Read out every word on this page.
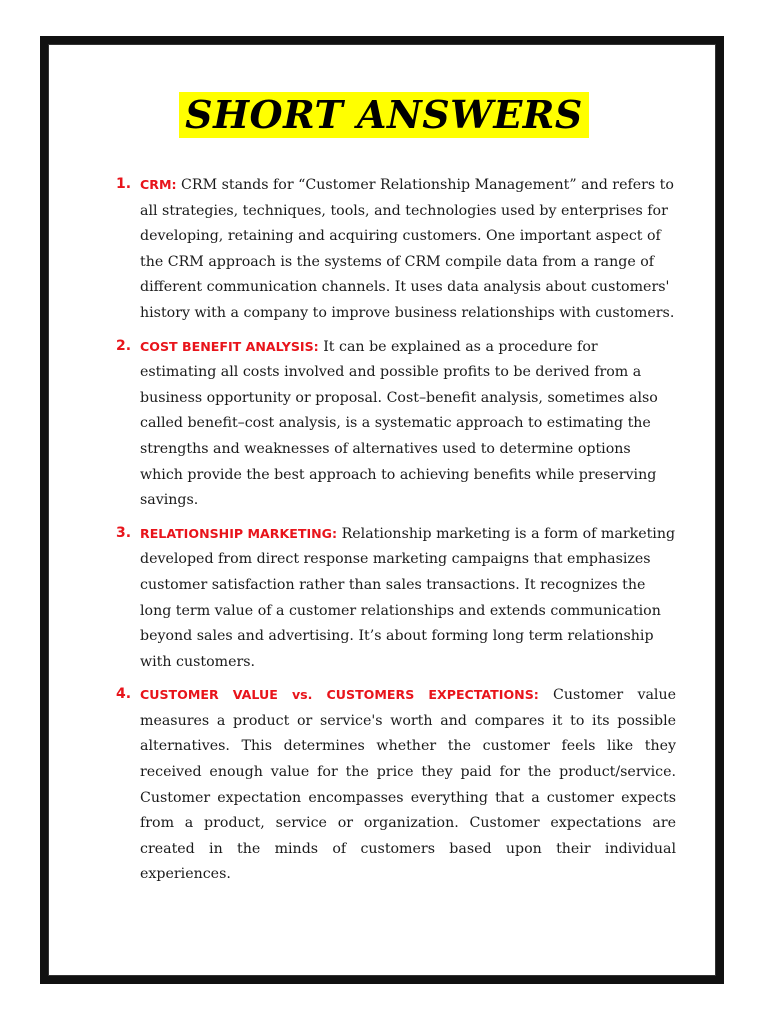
SHORT ANSWERS
1. CRM: CRM stands for “Customer Relationship Management” and refers to all strategies, techniques, tools, and technologies used by enterprises for developing, retaining and acquiring customers. One important aspect of the CRM approach is the systems of CRM compile data from a range of different communication channels. It uses data analysis about customers' history with a company to improve business relationships with customers.
2. COST BENEFIT ANALYSIS: It can be explained as a procedure for estimating all costs involved and possible profits to be derived from a business opportunity or proposal. Cost–benefit analysis, sometimes also called benefit–cost analysis, is a systematic approach to estimating the strengths and weaknesses of alternatives used to determine options which provide the best approach to achieving benefits while preserving savings.
3. RELATIONSHIP MARKETING: Relationship marketing is a form of marketing developed from direct response marketing campaigns that emphasizes customer satisfaction rather than sales transactions. It recognizes the long term value of a customer relationships and extends communication beyond sales and advertising. It’s about forming long term relationship with customers.
4. CUSTOMER VALUE vs. CUSTOMERS EXPECTATIONS: Customer value measures a product or service's worth and compares it to its possible alternatives. This determines whether the customer feels like they received enough value for the price they paid for the product/service. Customer expectation encompasses everything that a customer expects from a product, service or organization. Customer expectations are created in the minds of customers based upon their individual experiences.
